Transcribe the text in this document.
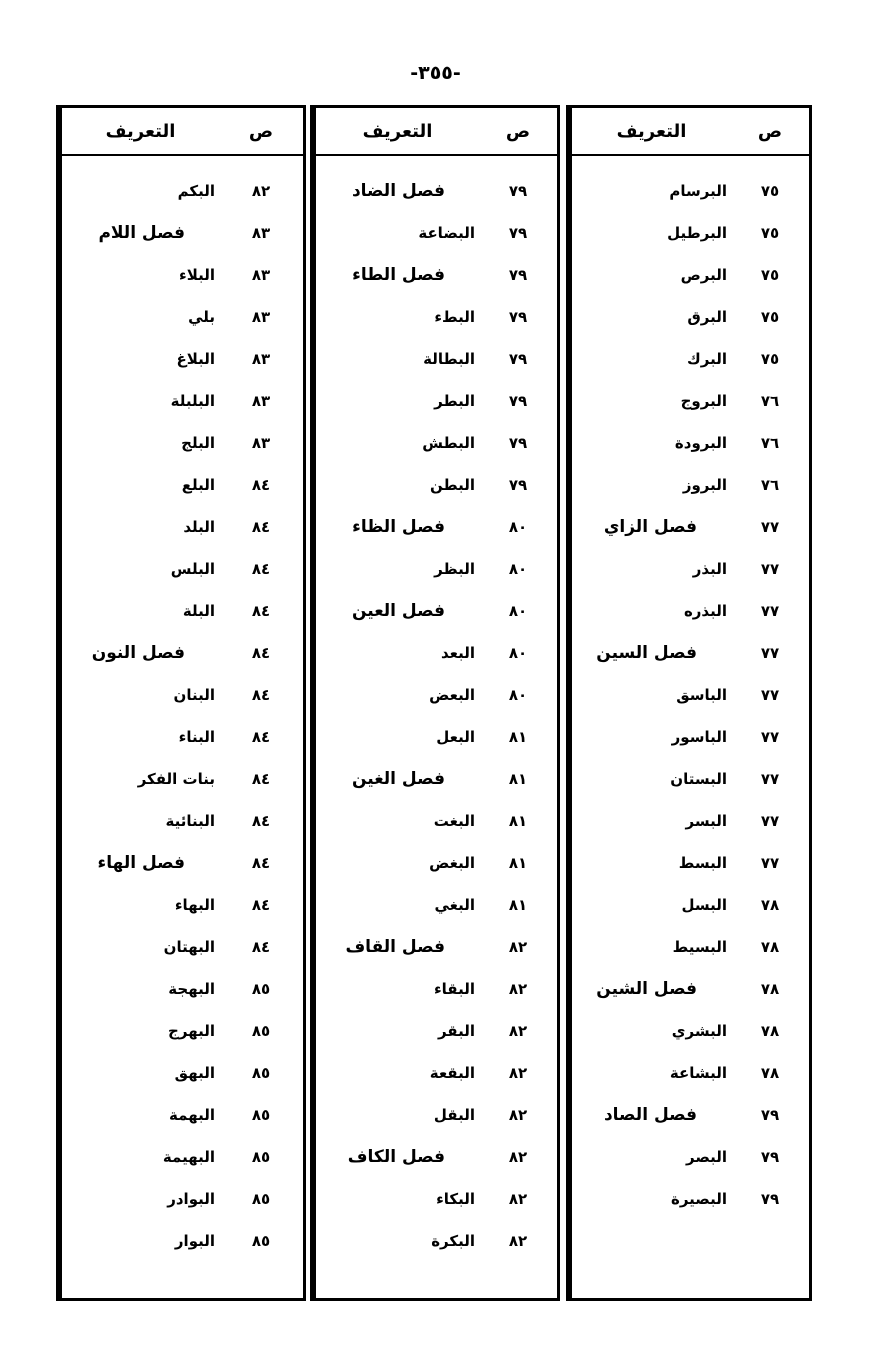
-٣٥٥-
التعريف
البرسام
البرطيل
البرص
البرق
البرك
البروج
البرودة
البروز
فصل الزاي
البذر
البذره
فصل السين
الباسق
الباسور
البستان
البسر
البسط
البسل
البسيط
فصل الشين
البشري
البشاعة
فصل الصاد
البصر
البصيرة
ص
٧٥
٧٥
٧٥
٧٥
٧٥
٧٦
٧٦
٧٦
٧٧
٧٧
٧٧
٧٧
٧٧
٧٧
٧٧
٧٧
٧٧
٧٨
٧٨
٧٨
٧٨
٧٨
٧٩
٧٩
٧٩
التعريف
فصل الضاد
البضاعة
فصل الطاء
البطء
البطالة
البطر
البطش
البطن
فصل الظاء
البظر
فصل العين
البعد
البعض
البعل
فصل الغين
البغت
البغض
البغي
فصل القاف
البقاء
البقر
البقعة
البقل
فصل الكاف
البكاء
البكرة
ص
٧٩
٧٩
٧٩
٧٩
٧٩
٧٩
٧٩
٧٩
٨٠
٨٠
٨٠
٨٠
٨٠
٨١
٨١
٨١
٨١
٨١
٨٢
٨٢
٨٢
٨٢
٨٢
٨٢
٨٢
٨٢
التعريف
البكم
فصل اللام
البلاء
بلي
البلاغ
البلبلة
البلج
البلع
البلد
البلس
البلة
فصل النون
البنان
البناء
بنات الفكر
البنائية
فصل الهاء
البهاء
البهتان
البهجة
البهرج
البهق
البهمة
البهيمة
البوادر
البوار
ص
٨٢
٨٣
٨٣
٨٣
٨٣
٨٣
٨٣
٨٤
٨٤
٨٤
٨٤
٨٤
٨٤
٨٤
٨٤
٨٤
٨٤
٨٤
٨٤
٨٥
٨٥
٨٥
٨٥
٨٥
٨٥
٨٥
